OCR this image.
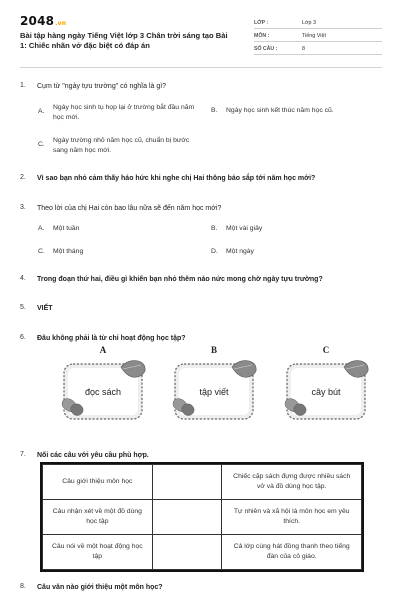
2048.vn
Bài tập hàng ngày Tiếng Việt lớp 3 Chân trời sáng tạo Bài 1: Chiếc nhãn vở đặc biệt có đáp án
LỚP :	Lớp 3
MÔN :	Tiếng Việt
SỐ CÂU :	8
1.	Cụm từ "ngày tựu trường" có nghĩa là gì?
A.
Ngày học sinh tụ họp lại ở trường bắt đầu năm học mới.
B.	Ngày học sinh kết thúc năm học cũ.
C.
Ngày trường nhỏ năm học cũ, chuẩn bị bước sang năm học mới.
2.	Vì sao bạn nhỏ cảm thấy háo hức khi nghe chị Hai thông báo sắp tới năm học mới?
3.	Theo lời của chị Hai còn bao lâu nữa sẽ đến năm học mới?
A.	Một tuần	B.	Một vài giây
C.	Một tháng	D.	Một ngày
4.	Trong đoạn thứ hai, điều gì khiến bạn nhỏ thêm náo nức mong chờ ngày tựu trường?
5.	VIẾT
6.	Đâu không phải là từ chỉ hoạt động học tập?
A
đọc sách
B
tập viết
C
cây bút
7.	Nối các câu với yêu cầu phù hợp.
Câu giới thiệu môn học		Chiếc cặp sách đựng được nhiều sách vở và đồ dùng học tập.
Câu nhận xét về một đồ dùng học tập		Tự nhiên và xã hội là môn học em yêu thích.
Câu nói về một hoạt động học tập		Cả lớp cùng hát đồng thanh theo tiếng đàn của cô giáo.
8.	Câu văn nào giới thiệu một môn học?
